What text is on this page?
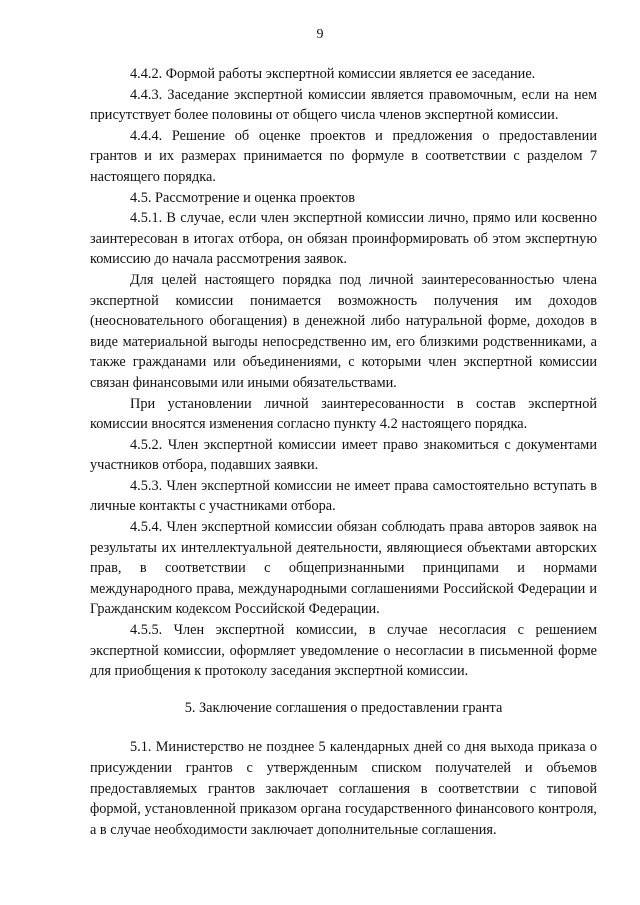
9

4.4.2. Формой работы экспертной комиссии является ее заседание.

4.4.3. Заседание экспертной комиссии является правомочным, если на нем присутствует более половины от общего числа членов экспертной комиссии.

4.4.4. Решение об оценке проектов и предложения о предоставлении грантов и их размерах принимается по формуле в соответствии с разделом 7 настоящего порядка.

4.5. Рассмотрение и оценка проектов

4.5.1. В случае, если член экспертной комиссии лично, прямо или косвенно заинтересован в итогах отбора, он обязан проинформировать об этом экспертную комиссию до начала рассмотрения заявок.

Для целей настоящего порядка под личной заинтересованностью члена экспертной комиссии понимается возможность получения им доходов (неосновательного обогащения) в денежной либо натуральной форме, доходов в виде материальной выгоды непосредственно им, его близкими родственниками, а также гражданами или объединениями, с которыми член экспертной комиссии связан финансовыми или иными обязательствами.

При установлении личной заинтересованности в состав экспертной комиссии вносятся изменения согласно пункту 4.2 настоящего порядка.

4.5.2. Член экспертной комиссии имеет право знакомиться с документами участников отбора, подавших заявки.

4.5.3. Член экспертной комиссии не имеет права самостоятельно вступать в личные контакты с участниками отбора.

4.5.4. Член экспертной комиссии обязан соблюдать права авторов заявок на результаты их интеллектуальной деятельности, являющиеся объектами авторских прав, в соответствии с общепризнанными принципами и нормами международного права, международными соглашениями Российской Федерации и Гражданским кодексом Российской Федерации.

4.5.5. Член экспертной комиссии, в случае несогласия с решением экспертной комиссии, оформляет уведомление о несогласии в письменной форме для приобщения к протоколу заседания экспертной комиссии.

5. Заключение соглашения о предоставлении гранта

5.1. Министерство не позднее 5 календарных дней со дня выхода приказа о присуждении грантов с утвержденным списком получателей и объемов предоставляемых грантов заключает соглашения в соответствии с типовой формой, установленной приказом органа государственного финансового контроля, а в случае необходимости заключает дополнительные соглашения.
